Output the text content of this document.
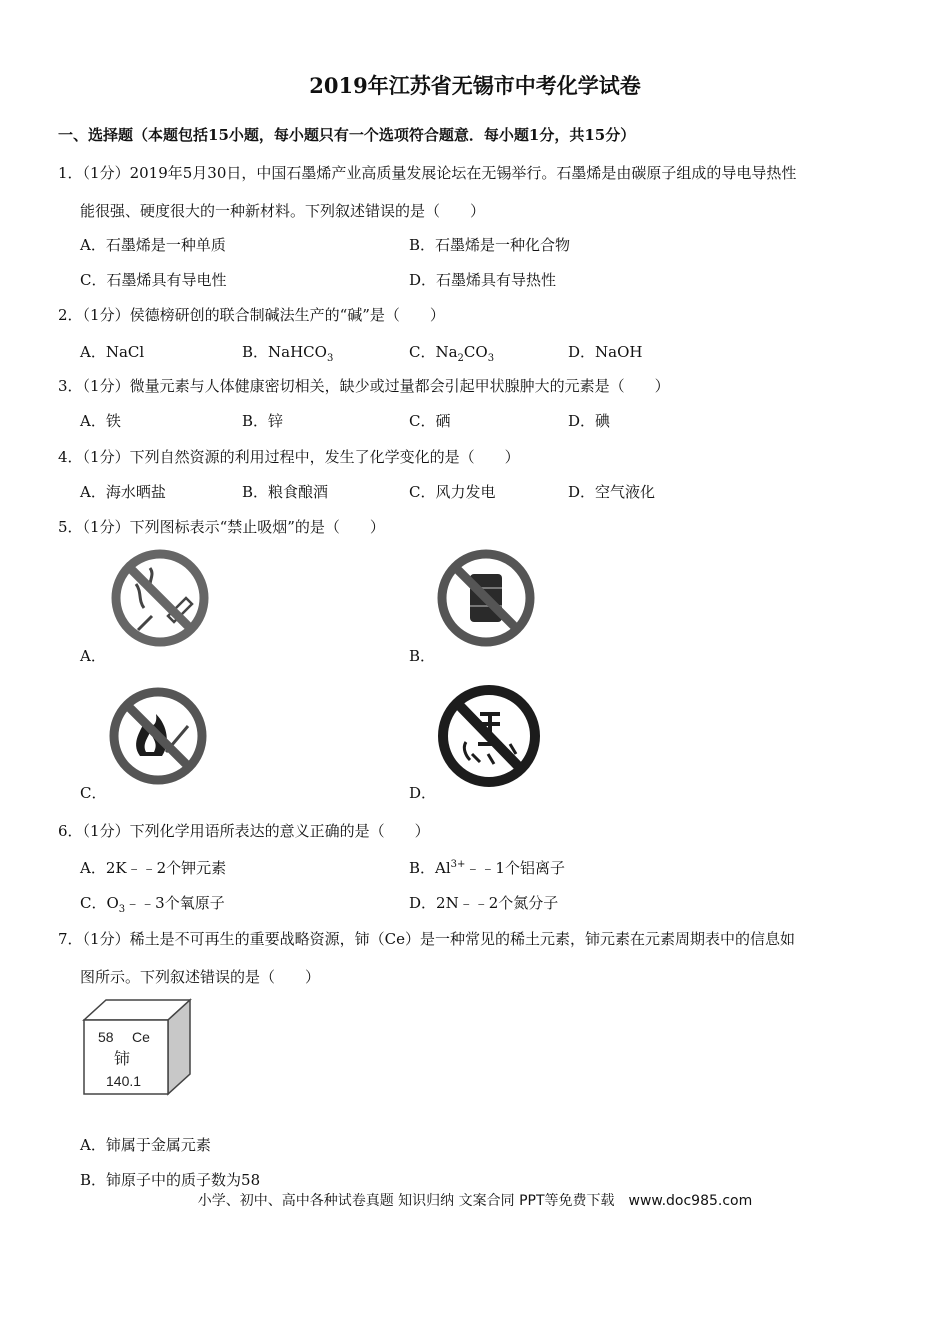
2019年江苏省无锡市中考化学试卷
一、选择题（本题包括15小题，每小题只有一个选项符合题意．每小题1分，共15分）
1．（1分）2019年5月30日，中国石墨烯产业高质量发展论坛在无锡举行。石墨烯是由碳原子组成的导电导热性
能很强、硬度很大的一种新材料。下列叙述错误的是（　　）
A．石墨烯是一种单质	B．石墨烯是一种化合物
C．石墨烯具有导电性	D．石墨烯具有导热性
2．（1分）侯德榜研创的联合制碱法生产的“碱”是（　　）
A．NaCl	B．NaHCO$_3$	C．$Na_2CO_3$	D．NaOH
3．（1分）微量元素与人体健康密切相关，缺少或过量都会引起甲状腺肿大的元素是（　　）
A．铁	B．锌	C．硒	D．碘
4．（1分）下列自然资源的利用过程中，发生了化学变化的是（　　）
A．海水晒盐	B．粮食酿酒	C．风力发电	D．空气液化
5．（1分）下列图标表示“禁止吸烟”的是（　　）
A．	B．
C．	D．
6．（1分）下列化学用语所表达的意义正确的是（　　）
A．2K﹣﹣2个钾元素	B．$Al^{3+}﹣﹣1$个铝离子
C．$O_3﹣﹣3$个氧原子	D．2N﹣﹣2个氮分子
7．（1分）稀土是不可再生的重要战略资源，铈（Ce）是一种常见的稀土元素，铈元素在元素周期表中的信息如
图所示。下列叙述错误的是（　　）
58 Ce
铈
140.1
A．铈属于金属元素
B．铈原子中的质子数为58
小学、初中、高中各种试卷真题 知识归纳 文案合同 PPT等免费下载　www.doc985.com
